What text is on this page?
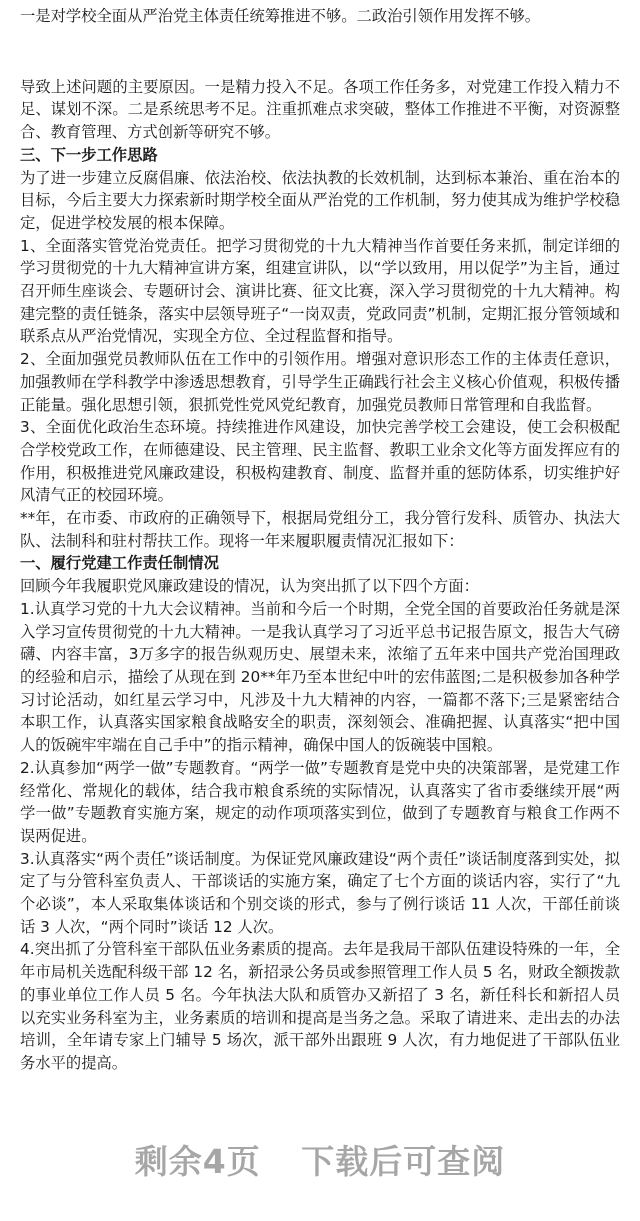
一是对学校全面从严治党主体责任统筹推进不够。二政治引领作用发挥不够。

导致上述问题的主要原因。一是精力投入不足。各项工作任务多，对党建工作投入精力不足、谋划不深。二是系统思考不足。注重抓难点求突破，整体工作推进不平衡，对资源整合、教育管理、方式创新等研究不够。

三、下一步工作思路

为了进一步建立反腐倡廉、依法治校、依法执教的长效机制，达到标本兼治、重在治本的目标，今后主要大力探索新时期学校全面从严治党的工作机制，努力使其成为维护学校稳定，促进学校发展的根本保障。

1、全面落实管党治党责任。把学习贯彻党的十九大精神当作首要任务来抓，制定详细的学习贯彻党的十九大精神宣讲方案，组建宣讲队，以“学以致用，用以促学”为主旨，通过召开师生座谈会、专题研讨会、演讲比赛、征文比赛，深入学习贯彻党的十九大精神。构建完整的责任链条，落实中层领导班子“一岗双责，党政同责”机制，定期汇报分管领域和联系点从严治党情况，实现全方位、全过程监督和指导。

2、全面加强党员教师队伍在工作中的引领作用。增强对意识形态工作的主体责任意识，加强教师在学科教学中渗透思想教育，引导学生正确践行社会主义核心价值观，积极传播正能量。强化思想引领，狠抓党性党风党纪教育，加强党员教师日常管理和自我监督。

3、全面优化政治生态环境。持续推进作风建设，加快完善学校工会建设，使工会积极配合学校党政工作，在师德建设、民主管理、民主监督、教职工业余文化等方面发挥应有的作用，积极推进党风廉政建设，积极构建教育、制度、监督并重的惩防体系，切实维护好风清气正的校园环境。

**年，在市委、市政府的正确领导下，根据局党组分工，我分管行发科、质管办、执法大队、法制科和驻村帮扶工作。现将一年来履职履责情况汇报如下：

一、履行党建工作责任制情况

回顾今年我履职党风廉政建设的情况，认为突出抓了以下四个方面：

1.认真学习党的十九大会议精神。当前和今后一个时期，全党全国的首要政治任务就是深入学习宣传贯彻党的十九大精神。一是我认真学习了习近平总书记报告原文，报告大气磅礴、内容丰富，3万多字的报告纵观历史、展望未来，浓缩了五年来中国共产党治国理政的经验和启示，描绘了从现在到 20**年乃至本世纪中叶的宏伟蓝图;二是积极参加各种学习讨论活动，如红星云学习中，凡涉及十九大精神的内容，一篇都不落下;三是紧密结合本职工作，认真落实国家粮食战略安全的职责，深刻领会、准确把握、认真落实“把中国人的饭碗牢牢端在自己手中”的指示精神，确保中国人的饭碗装中国粮。

2.认真参加“两学一做”专题教育。“两学一做”专题教育是党中央的决策部署，是党建工作经常化、常规化的载体，结合我市粮食系统的实际情况，认真落实了省市委继续开展“两学一做”专题教育实施方案，规定的动作项项落实到位，做到了专题教育与粮食工作两不误两促进。

3.认真落实“两个责任”谈话制度。为保证党风廉政建设“两个责任”谈话制度落到实处，拟定了与分管科室负责人、干部谈话的实施方案，确定了七个方面的谈话内容，实行了“九个必谈”，本人采取集体谈话和个别交谈的形式，参与了例行谈话 11 人次，干部任前谈话 3 人次，“两个同时”谈话 12 人次。

4.突出抓了分管科室干部队伍业务素质的提高。去年是我局干部队伍建设特殊的一年，全年市局机关选配科级干部 12 名，新招录公务员或参照管理工作人员 5 名，财政全额拨款的事业单位工作人员 5 名。今年执法大队和质管办又新招了 3 名，新任科长和新招人员以充实业务科室为主，业务素质的培训和提高是当务之急。采取了请进来、走出去的办法培训，全年请专家上门辅导 5 场次，派干部外出跟班 9 人次，有力地促进了干部队伍业务水平的提高。

剩余4页 下载后可查阅
